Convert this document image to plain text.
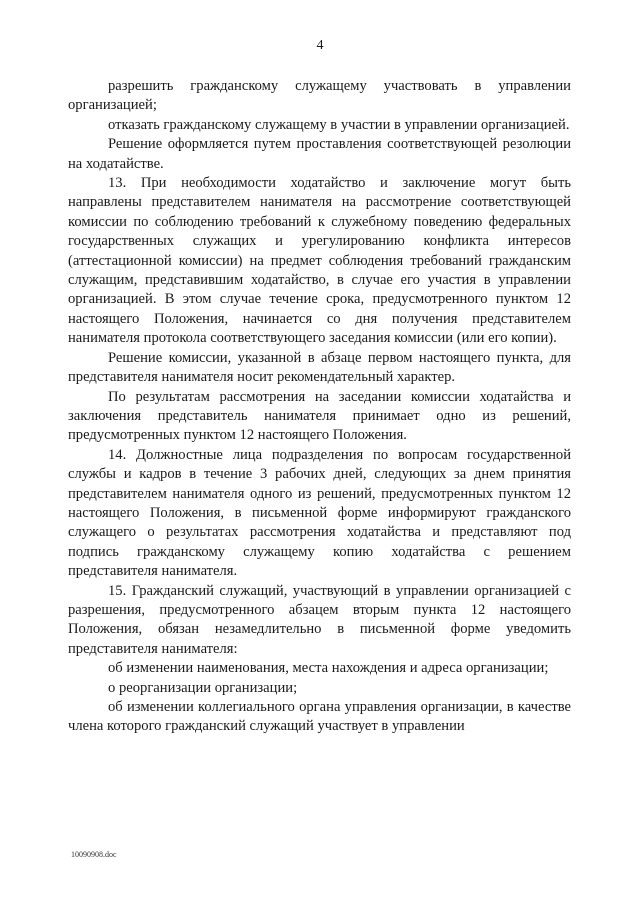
4

разрешить гражданскому служащему участвовать в управлении организацией;

отказать гражданскому служащему в участии в управлении организацией.

Решение оформляется путем проставления соответствующей резолюции на ходатайстве.

13. При необходимости ходатайство и заключение могут быть направлены представителем нанимателя на рассмотрение соответствующей комиссии по соблюдению требований к служебному поведению федеральных государственных служащих и урегулированию конфликта интересов (аттестационной комиссии) на предмет соблюдения требований гражданским служащим, представившим ходатайство, в случае его участия в управлении организацией. В этом случае течение срока, предусмотренного пунктом 12 настоящего Положения, начинается со дня получения представителем нанимателя протокола соответствующего заседания комиссии (или его копии).

Решение комиссии, указанной в абзаце первом настоящего пункта, для представителя нанимателя носит рекомендательный характер.

По результатам рассмотрения на заседании комиссии ходатайства и заключения представитель нанимателя принимает одно из решений, предусмотренных пунктом 12 настоящего Положения.

14. Должностные лица подразделения по вопросам государственной службы и кадров в течение 3 рабочих дней, следующих за днем принятия представителем нанимателя одного из решений, предусмотренных пунктом 12 настоящего Положения, в письменной форме информируют гражданского служащего о результатах рассмотрения ходатайства и представляют под подпись гражданскому служащему копию ходатайства с решением представителя нанимателя.

15. Гражданский служащий, участвующий в управлении организацией с разрешения, предусмотренного абзацем вторым пункта 12 настоящего Положения, обязан незамедлительно в письменной форме уведомить представителя нанимателя:

об изменении наименования, места нахождения и адреса организации;

о реорганизации организации;

об изменении коллегиального органа управления организации, в качестве члена которого гражданский служащий участвует в управлении

10090908.doc
